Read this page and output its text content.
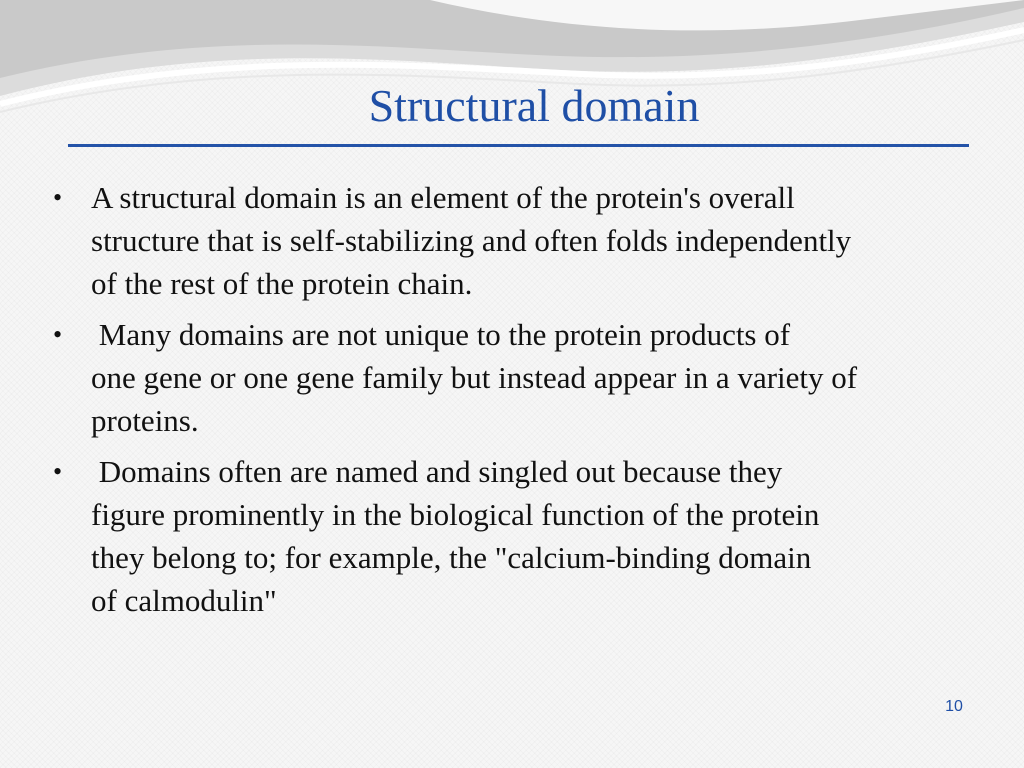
Structural domain
• A structural domain is an element of the protein's overall
structure that is self-stabilizing and often folds independently
of the rest of the protein chain.
• Many domains are not unique to the protein products of
one gene or one gene family but instead appear in a variety of
proteins.
• Domains often are named and singled out because they
figure prominently in the biological function of the protein
they belong to; for example, the "calcium-binding domain
of calmodulin"
10
